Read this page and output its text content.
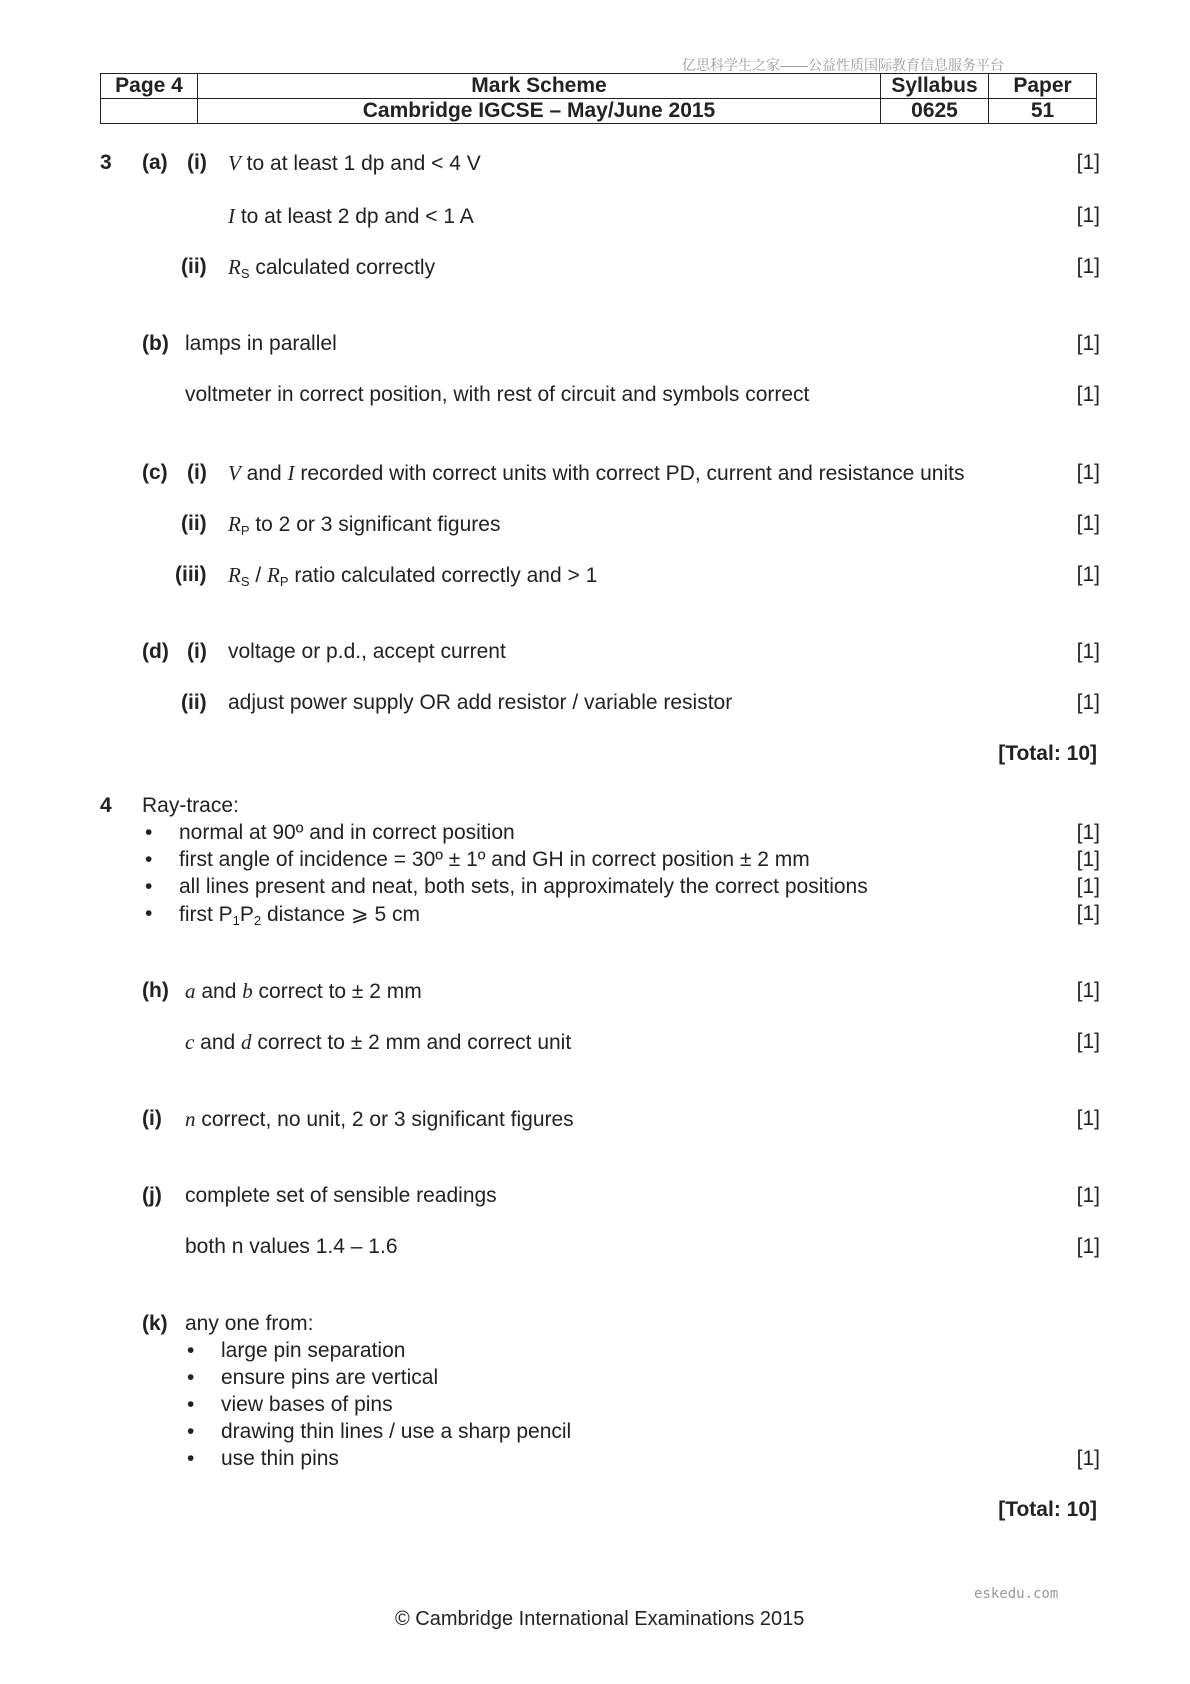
亿思科学生之家——公益性质国际教育信息服务平台
Page 4	Mark Scheme	Syllabus	Paper
	Cambridge IGCSE – May/June 2015	0625	51
3 (a) (i) V to at least 1 dp and < 4 V	[1]
I to at least 2 dp and < 1 A	[1]
(ii) $R_S$ calculated correctly	[1]
(b) lamps in parallel	[1]
voltmeter in correct position, with rest of circuit and symbols correct	[1]
(c) (i) V and I recorded with correct units with correct PD, current and resistance units	[1]
(ii) $R_P$ to 2 or 3 significant figures	[1]
(iii) $R_S / R_P$ ratio calculated correctly and > 1	[1]
(d) (i) voltage or p.d., accept current	[1]
(ii) adjust power supply OR add resistor / variable resistor	[1]
[Total: 10]
4 Ray-trace:
• normal at 90º and in correct position	[1]
• first angle of incidence = 30º ± 1º and GH in correct position ± 2 mm	[1]
• all lines present and neat, both sets, in approximately the correct positions	[1]
• first $P_1P_2$ distance ⩾ 5 cm	[1]
(h) a and b correct to ± 2 mm	[1]
c and d correct to ± 2 mm and correct unit	[1]
(i) n correct, no unit, 2 or 3 significant figures	[1]
(j) complete set of sensible readings	[1]
both n values 1.4 – 1.6	[1]
(k) any one from:
• large pin separation
• ensure pins are vertical
• view bases of pins
• drawing thin lines / use a sharp pencil
• use thin pins	[1]
[Total: 10]
eskedu.com
© Cambridge International Examinations 2015
